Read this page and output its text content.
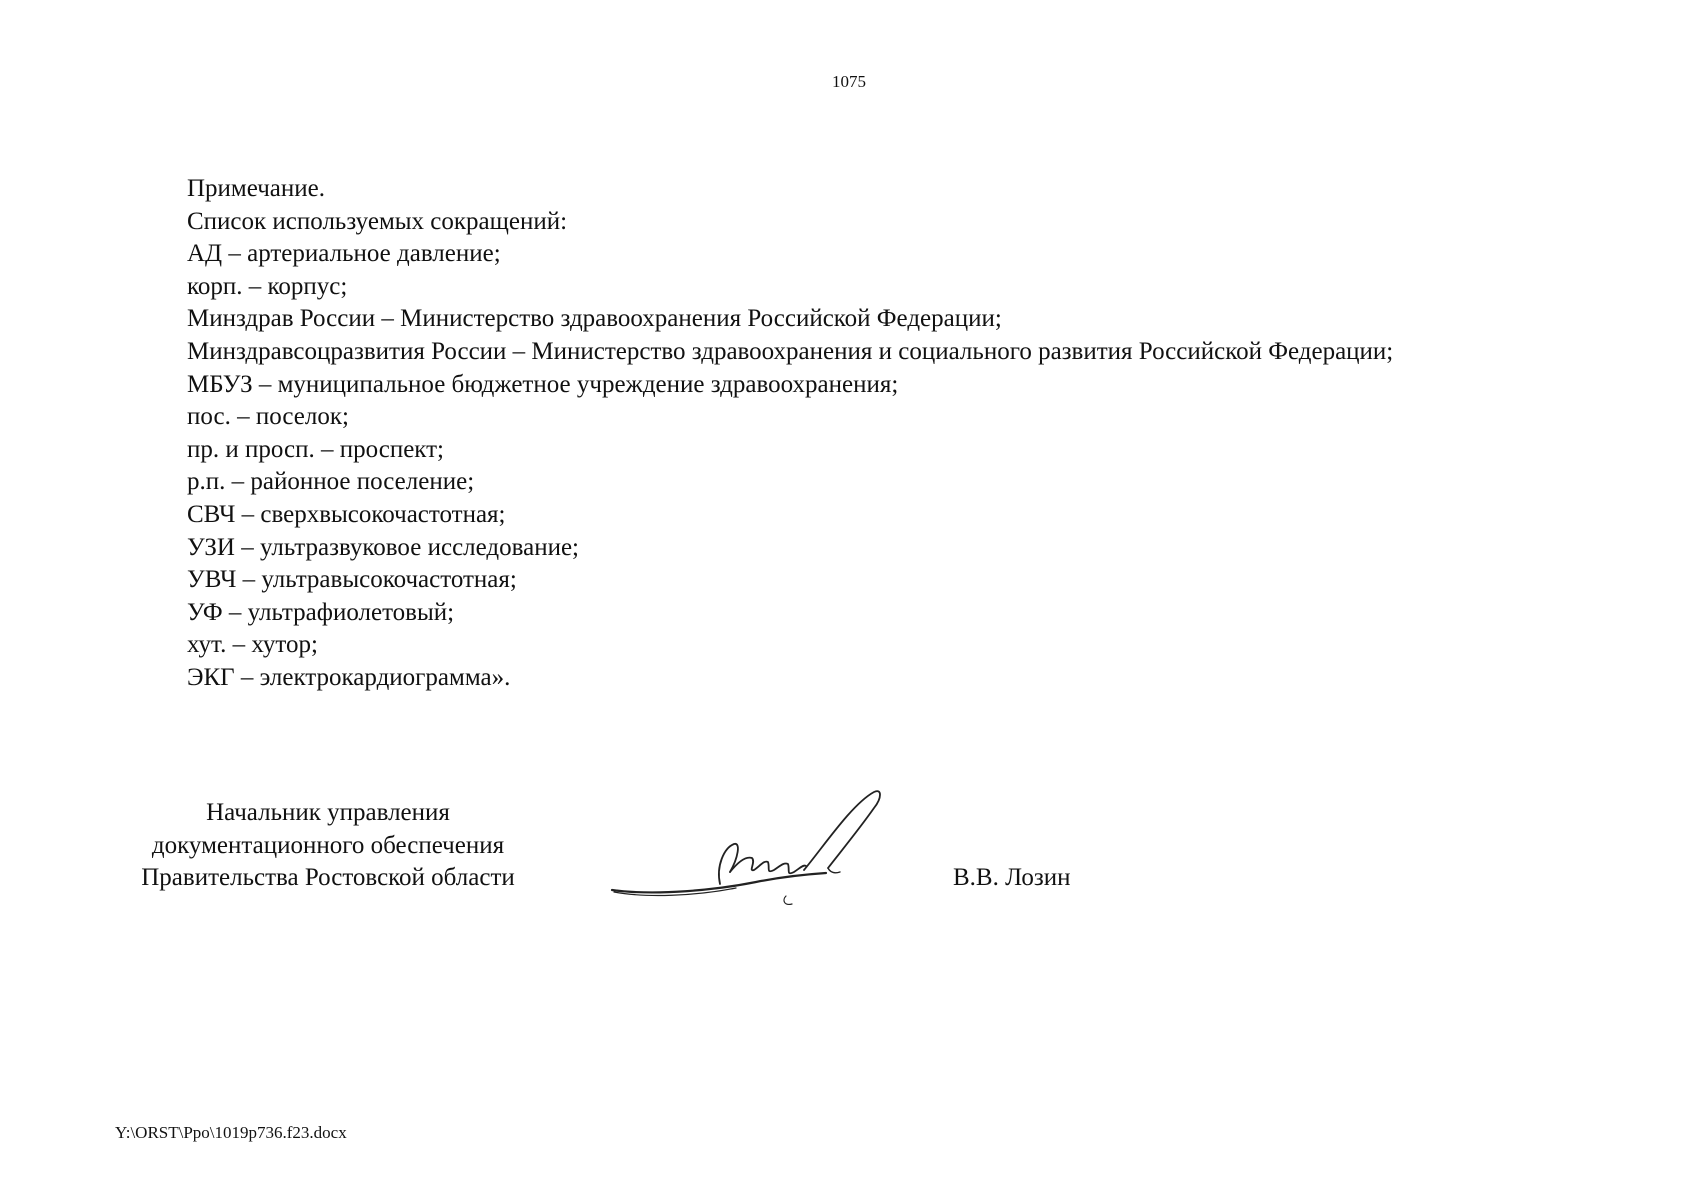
1075
Примечание.
Список используемых сокращений:
АД – артериальное давление;
корп. – корпус;
Минздрав России – Министерство здравоохранения Российской Федерации;
Минздравсоцразвития России – Министерство здравоохранения и социального развития Российской Федерации;
МБУЗ – муниципальное бюджетное учреждение здравоохранения;
пос. – поселок;
пр. и просп. – проспект;
р.п. – районное поселение;
СВЧ – сверхвысокочастотная;
УЗИ – ультразвуковое исследование;
УВЧ – ультравысокочастотная;
УФ – ультрафиолетовый;
хут. – хутор;
ЭКГ – электрокардиограмма».
Начальник управления
документационного обеспечения
Правительства Ростовской области	В.В. Лозин
Y:\ORST\Ppo\1019p736.f23.docx
